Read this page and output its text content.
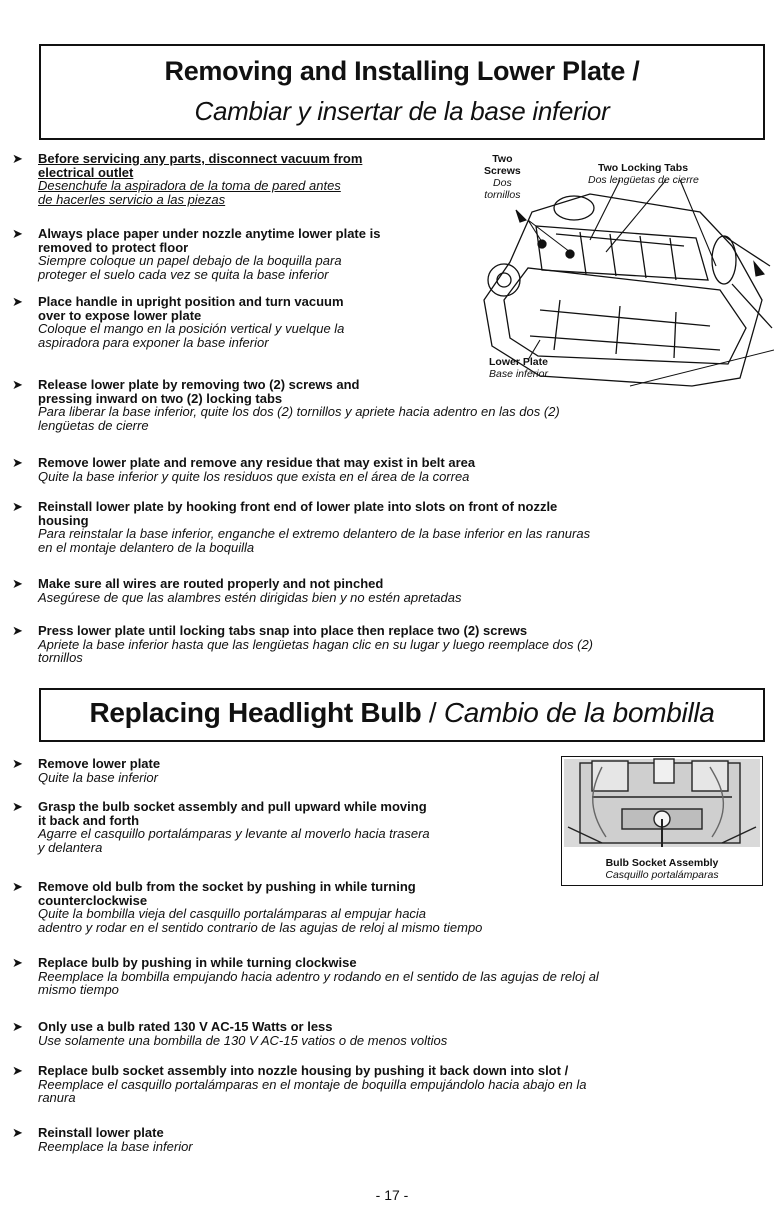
Removing and Installing Lower Plate /
Cambiar y insertar de la base inferior
Two
Screws
Dos
tornillos
Two Locking Tabs
Dos lengüetas de cierre
Lower Plate
Base inferior
➤ Before servicing any parts, disconnect vacuum from
electrical outlet
Desenchufe la aspiradora de la toma de pared antes
de hacerles servicio a las piezas
➤ Always place paper under nozzle anytime lower plate is
removed to protect floor
Siempre coloque un papel debajo de la boquilla para
proteger el suelo cada vez se quita la base inferior
➤ Place handle in upright position and turn vacuum
over to expose lower plate
Coloque el mango en la posición vertical y vuelque la
aspiradora para exponer la base inferior
➤ Release lower plate by removing two (2) screws and
pressing inward on two (2) locking tabs
Para liberar la base inferior, quite los dos (2) tornillos y apriete hacia adentro en las dos (2)
lengüetas de cierre
➤ Remove lower plate and remove any residue that may exist in belt area
Quite la base inferior y quite los residuos que exista en el área de la correa
➤ Reinstall lower plate by hooking front end of lower plate into slots on front of nozzle
housing
Para reinstalar la base inferior, enganche el extremo delantero de la base inferior en las ranuras
en el montaje delantero de la boquilla
➤ Make sure all wires are routed properly and not pinched
Asegúrese de que las alambres estén dirigidas bien y no estén apretadas
➤ Press lower plate until locking tabs snap into place then replace two (2) screws
Apriete la base inferior hasta que las lengüetas hagan clic en su lugar y luego reemplace dos (2)
tornillos
Replacing Headlight Bulb / Cambio de la bombilla
Bulb Socket Assembly
Casquillo portalámparas
➤ Remove lower plate
Quite la base inferior
➤ Grasp the bulb socket assembly and pull upward while moving
it back and forth
Agarre el casquillo portalámparas y levante al moverlo hacia trasera
y delantera
➤ Remove old bulb from the socket by pushing in while turning
counterclockwise
Quite la bombilla vieja del casquillo portalámparas al empujar hacia
adentro y rodar en el sentido contrario de las agujas de reloj al mismo tiempo
➤ Replace bulb by pushing in while turning clockwise
Reemplace la bombilla empujando hacia adentro y rodando en el sentido de las agujas de reloj al
mismo tiempo
➤ Only use a bulb rated 130 V AC-15 Watts or less
Use solamente una bombilla de 130 V AC-15 vatios o de menos voltios
➤ Replace bulb socket assembly into nozzle housing by pushing it back down into slot /
Reemplace el casquillo portalámparas en el montaje de boquilla empujándolo hacia abajo en la
ranura
➤ Reinstall lower plate
Reemplace la base inferior
- 17 -
